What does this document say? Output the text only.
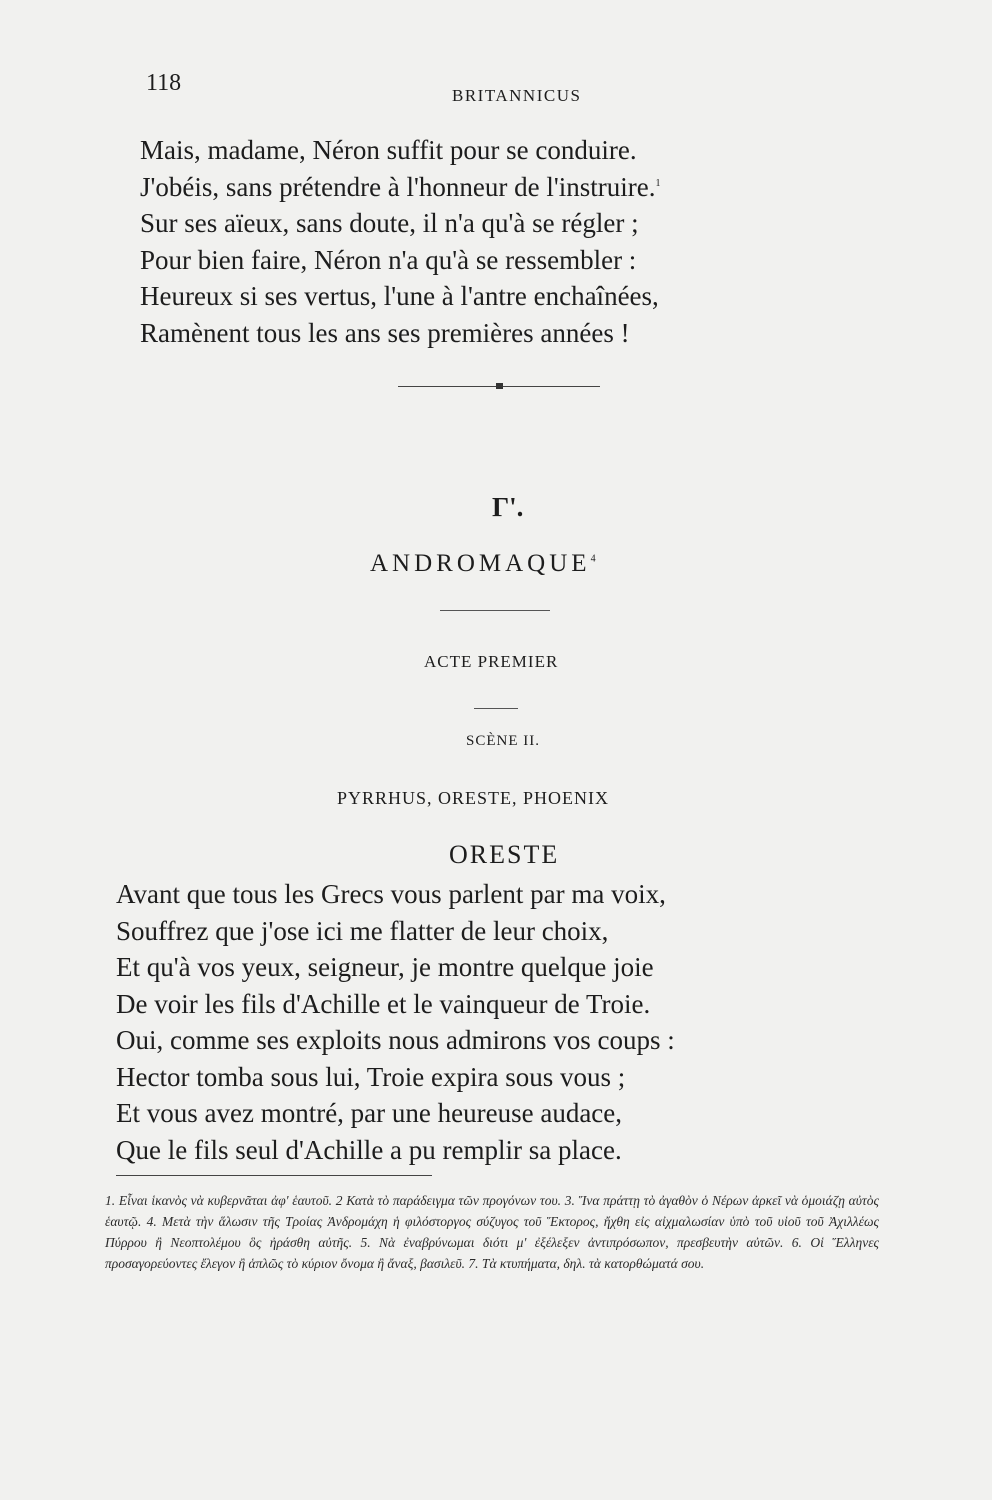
118	BRITANNICUS
Mais, madame, Néron suffit pour se conduire.
J'obéis, sans prétendre à l'honneur de l'instruire.$^1$
Sur ses aïeux, sans doute, il n'a qu'à se régler ;
Pour bien faire, Néron n'a qu'à se ressembler :
Heureux si ses vertus, l'une à l'antre enchaînées,
Ramènent tous les ans ses premières années !
Γ'.
ANDROMAQUE$^4$
ACTE PREMIER
SCÈNE II.
PYRRHUS, ORESTE, PHOENIX
ORESTE
Avant que tous les Grecs vous parlent par ma voix,
Souffrez que j'ose ici me flatter de leur choix,
Et qu'à vos yeux, seigneur, je montre quelque joie
De voir les fils d'Achille et le vainqueur de Troie.
Oui, comme ses exploits nous admirons vos coups :
Hector tomba sous lui, Troie expira sous vous ;
Et vous avez montré, par une heureuse audace,
Que le fils seul d'Achille a pu remplir sa place.
1. Εἶναι ἱκανὸς νὰ κυβερνᾶται ἀφ' ἑαυτοῦ. 2 Κατὰ τὸ παράδειγμα τῶν προγόνων του. 3. Ἵνα πράττῃ τὸ ἀγαθὸν ὁ Νέρων ἀρκεῖ νὰ ὁμοιάζῃ αὐτὸς ἑαυτῷ. 4. Μετὰ τὴν ἅλωσιν τῆς Τροίας Ἀνδρομάχη ἡ φιλόστοργος σύζυγος τοῦ Ἕκτορος, ἤχθη εἰς αἰχμαλωσίαν ὑπὸ τοῦ υἱοῦ τοῦ Ἀχιλλέως Πύρρου ἢ Νεοπτολέμου ὃς ἠράσθη αὐτῆς. 5. Νὰ ἐναβρύνωμαι διότι μ' ἐξέλεξεν ἀντιπρόσωπον, πρεσβευτὴν αὐτῶν. 6. Οἱ Ἕλληνες προσαγορεύοντες ἔλεγον ἢ ἁπλῶς τὸ κύριον ὄνομα ἢ ἄναξ, βασιλεῦ. 7. Τὰ κτυπήματα, δηλ. τὰ κατορθώματά σου.
